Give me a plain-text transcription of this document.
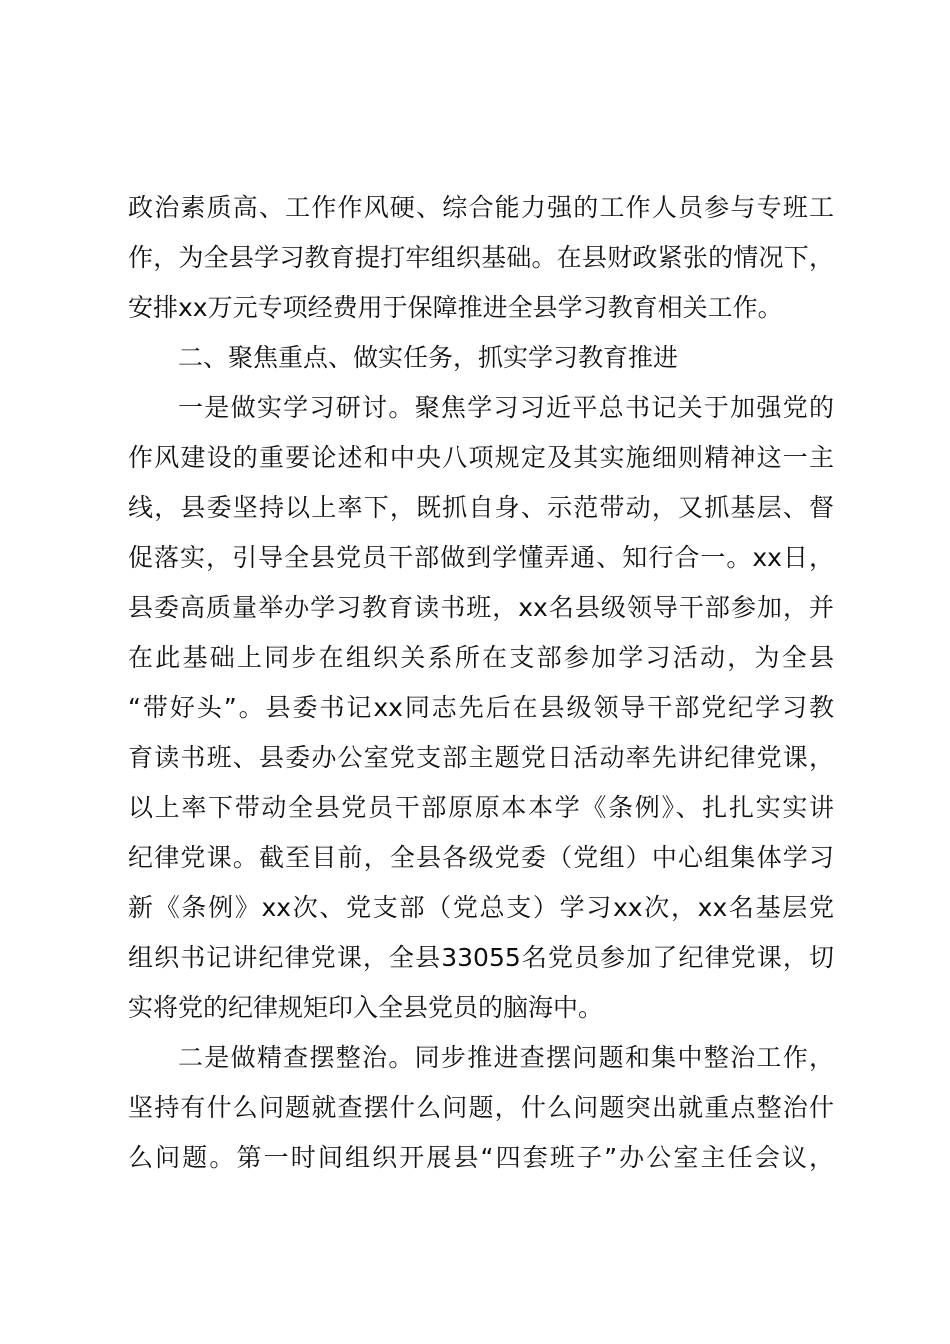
政治素质高、工作作风硬、综合能力强的工作人员参与专班工
作，为全县学习教育提打牢组织基础。在县财政紧张的情况下，
安排xx万元专项经费用于保障推进全县学习教育相关工作。
二、聚焦重点、做实任务，抓实学习教育推进
一是做实学习研讨。聚焦学习习近平总书记关于加强党的
作风建设的重要论述和中央八项规定及其实施细则精神这一主
线，县委坚持以上率下，既抓自身、示范带动，又抓基层、督
促落实，引导全县党员干部做到学懂弄通、知行合一。xx日，
县委高质量举办学习教育读书班，xx名县级领导干部参加，并
在此基础上同步在组织关系所在支部参加学习活动，为全县
“带好头”。县委书记xx同志先后在县级领导干部党纪学习教
育读书班、县委办公室党支部主题党日活动率先讲纪律党课，
以上率下带动全县党员干部原原本本学《条例》、扎扎实实讲
纪律党课。截至目前，全县各级党委（党组）中心组集体学习
新《条例》xx次、党支部（党总支）学习xx次，xx名基层党
组织书记讲纪律党课，全县33055名党员参加了纪律党课，切
实将党的纪律规矩印入全县党员的脑海中。
二是做精查摆整治。同步推进查摆问题和集中整治工作，
坚持有什么问题就查摆什么问题，什么问题突出就重点整治什
么问题。第一时间组织开展县“四套班子”办公室主任会议，
